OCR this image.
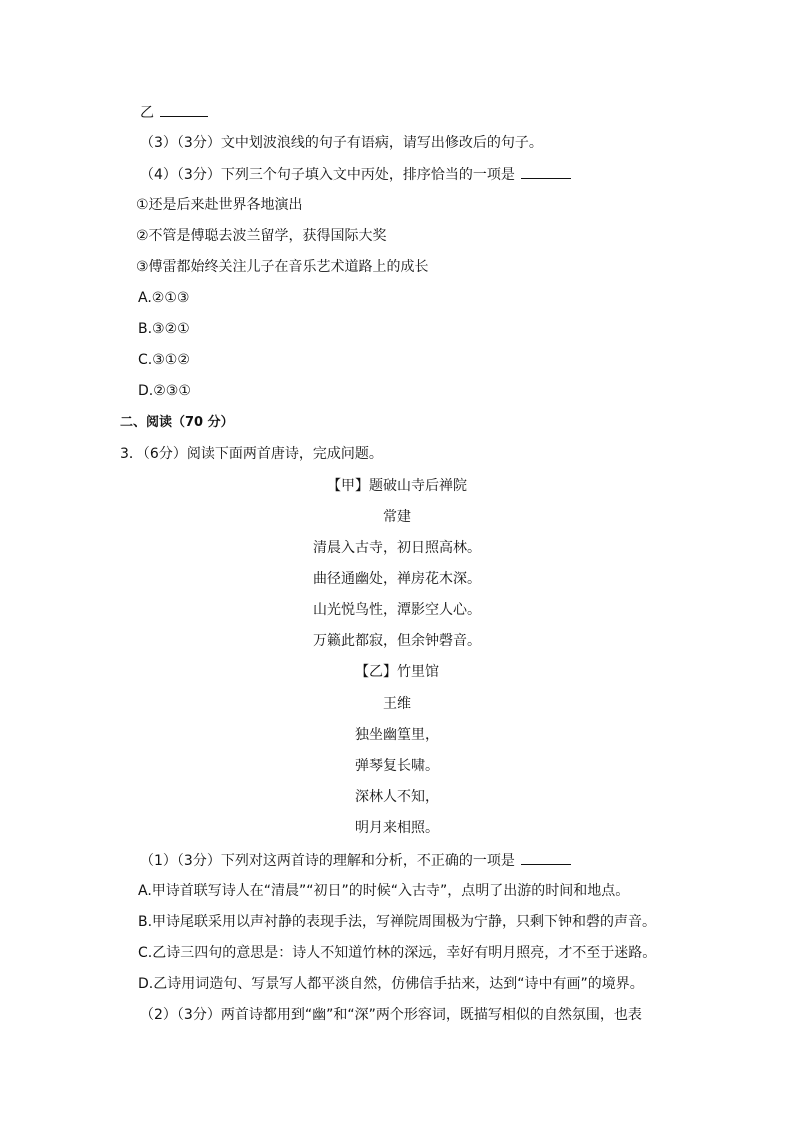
乙
（3）（3分）文中划波浪线的句子有语病，请写出修改后的句子。
（4）（3分）下列三个句子填入文中丙处，排序恰当的一项是
①还是后来赴世界各地演出
②不管是傅聪去波兰留学，获得国际大奖
③傅雷都始终关注儿子在音乐艺术道路上的成长
A.②①③
B.③②①
C.③①②
D.②③①
二、阅读（70 分）
3．（6分）阅读下面两首唐诗，完成问题。
【甲】题破山寺后禅院
常建
清晨入古寺，初日照高林。
曲径通幽处，禅房花木深。
山光悦鸟性，潭影空人心。
万籁此都寂，但余钟磬音。
【乙】竹里馆
王维
独坐幽篁里，
弹琴复长啸。
深林人不知，
明月来相照。
（1）（3分）下列对这两首诗的理解和分析，不正确的一项是
A.甲诗首联写诗人在“清晨”“初日”的时候“入古寺”，点明了出游的时间和地点。
B.甲诗尾联采用以声衬静的表现手法，写禅院周围极为宁静，只剩下钟和磬的声音。
C.乙诗三四句的意思是：诗人不知道竹林的深远，幸好有明月照亮，才不至于迷路。
D.乙诗用词造句、写景写人都平淡自然，仿佛信手拈来，达到“诗中有画”的境界。
（2）（3分）两首诗都用到“幽”和“深”两个形容词，既描写相似的自然氛围，也表
